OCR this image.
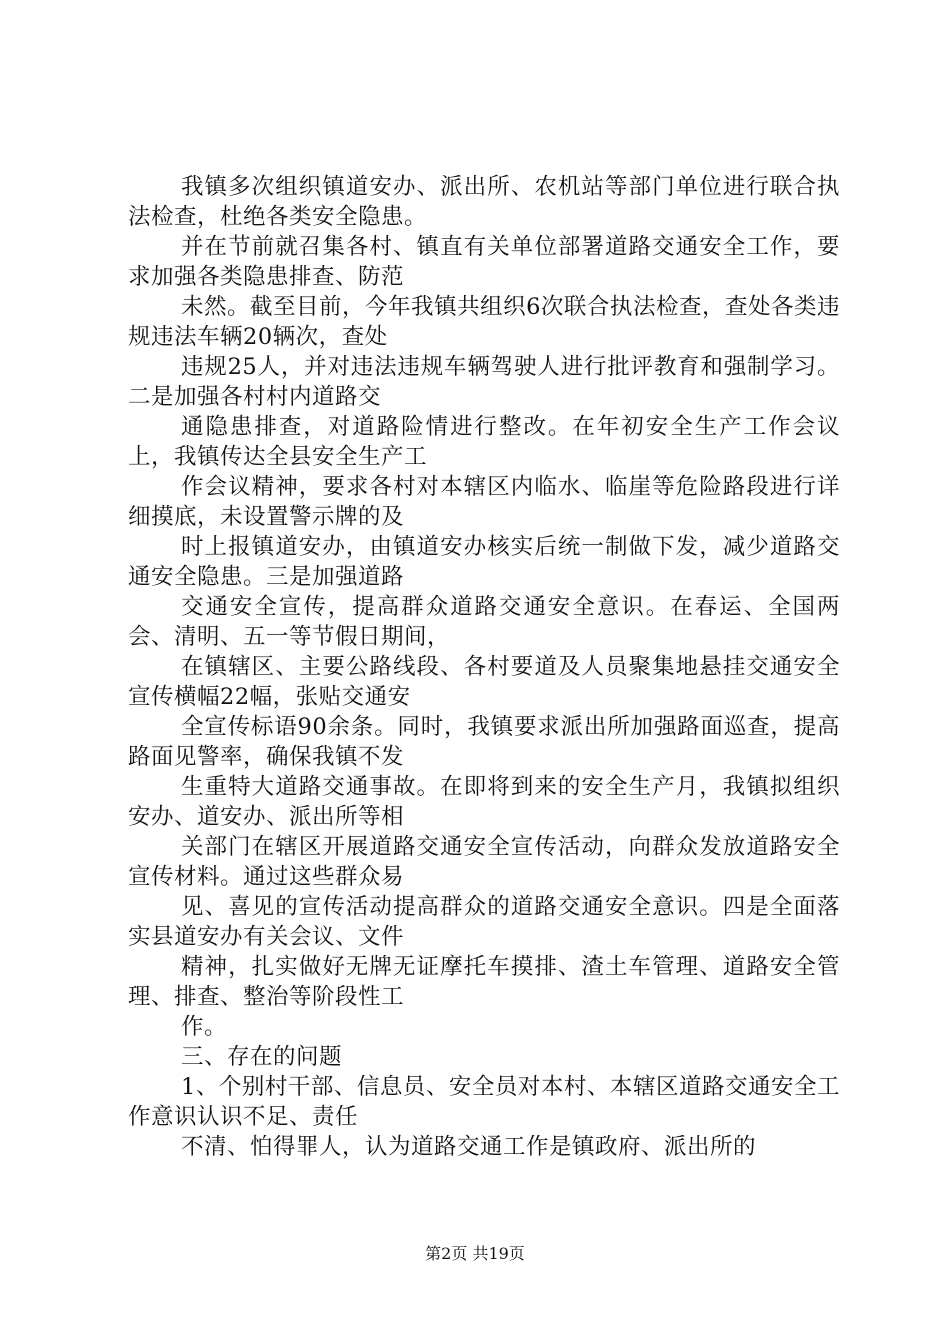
我镇多次组织镇道安办、派出所、农机站等部门单位进行联合执法检查，杜绝各类安全隐患。

并在节前就召集各村、镇直有关单位部署道路交通安全工作，要求加强各类隐患排查、防范

未然。截至目前，今年我镇共组织6次联合执法检查，查处各类违规违法车辆20辆次，查处

违规25人，并对违法违规车辆驾驶人进行批评教育和强制学习。二是加强各村村内道路交

通隐患排查，对道路险情进行整改。在年初安全生产工作会议上，我镇传达全县安全生产工

作会议精神，要求各村对本辖区内临水、临崖等危险路段进行详细摸底，未设置警示牌的及

时上报镇道安办，由镇道安办核实后统一制做下发，减少道路交通安全隐患。三是加强道路

交通安全宣传，提高群众道路交通安全意识。在春运、全国两会、清明、五一等节假日期间，

在镇辖区、主要公路线段、各村要道及人员聚集地悬挂交通安全宣传横幅22幅，张贴交通安

全宣传标语90余条。同时，我镇要求派出所加强路面巡查，提高路面见警率，确保我镇不发

生重特大道路交通事故。在即将到来的安全生产月，我镇拟组织安办、道安办、派出所等相

关部门在辖区开展道路交通安全宣传活动，向群众发放道路安全宣传材料。通过这些群众易

见、喜见的宣传活动提高群众的道路交通安全意识。四是全面落实县道安办有关会议、文件

精神，扎实做好无牌无证摩托车摸排、渣土车管理、道路安全管理、排查、整治等阶段性工

作。

三、存在的问题

1、个别村干部、信息员、安全员对本村、本辖区道路交通安全工作意识认识不足、责任

不清、怕得罪人，认为道路交通工作是镇政府、派出所的

第2页 共19页
